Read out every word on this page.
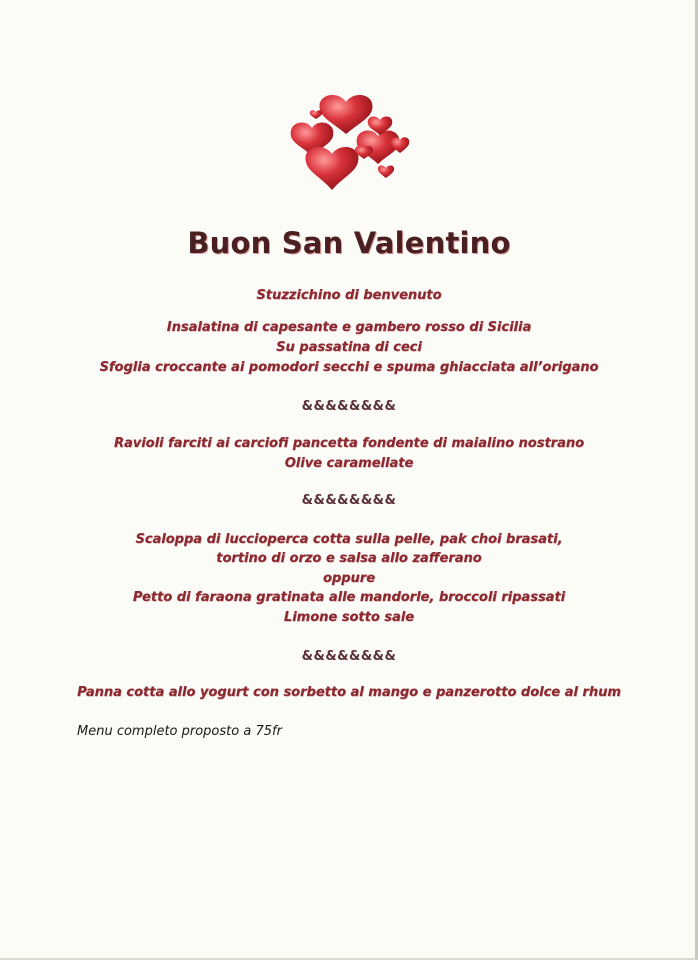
Buon San Valentino
Stuzzichino di benvenuto
Insalatina di capesante e gambero rosso di Sicilia
Su passatina di ceci
Sfoglia croccante ai pomodori secchi e spuma ghiacciata all’origano
&&&&&&&&
Ravioli farciti ai carciofi pancetta fondente di maialino nostrano
Olive caramellate
&&&&&&&&
Scaloppa di luccioperca cotta sulla pelle, pak choi brasati,
tortino di orzo e salsa allo zafferano
oppure
Petto di faraona gratinata alle mandorle, broccoli ripassati
Limone sotto sale
&&&&&&&&
Panna cotta allo yogurt con sorbetto al mango e panzerotto dolce al rhum
Menu completo proposto a 75fr
